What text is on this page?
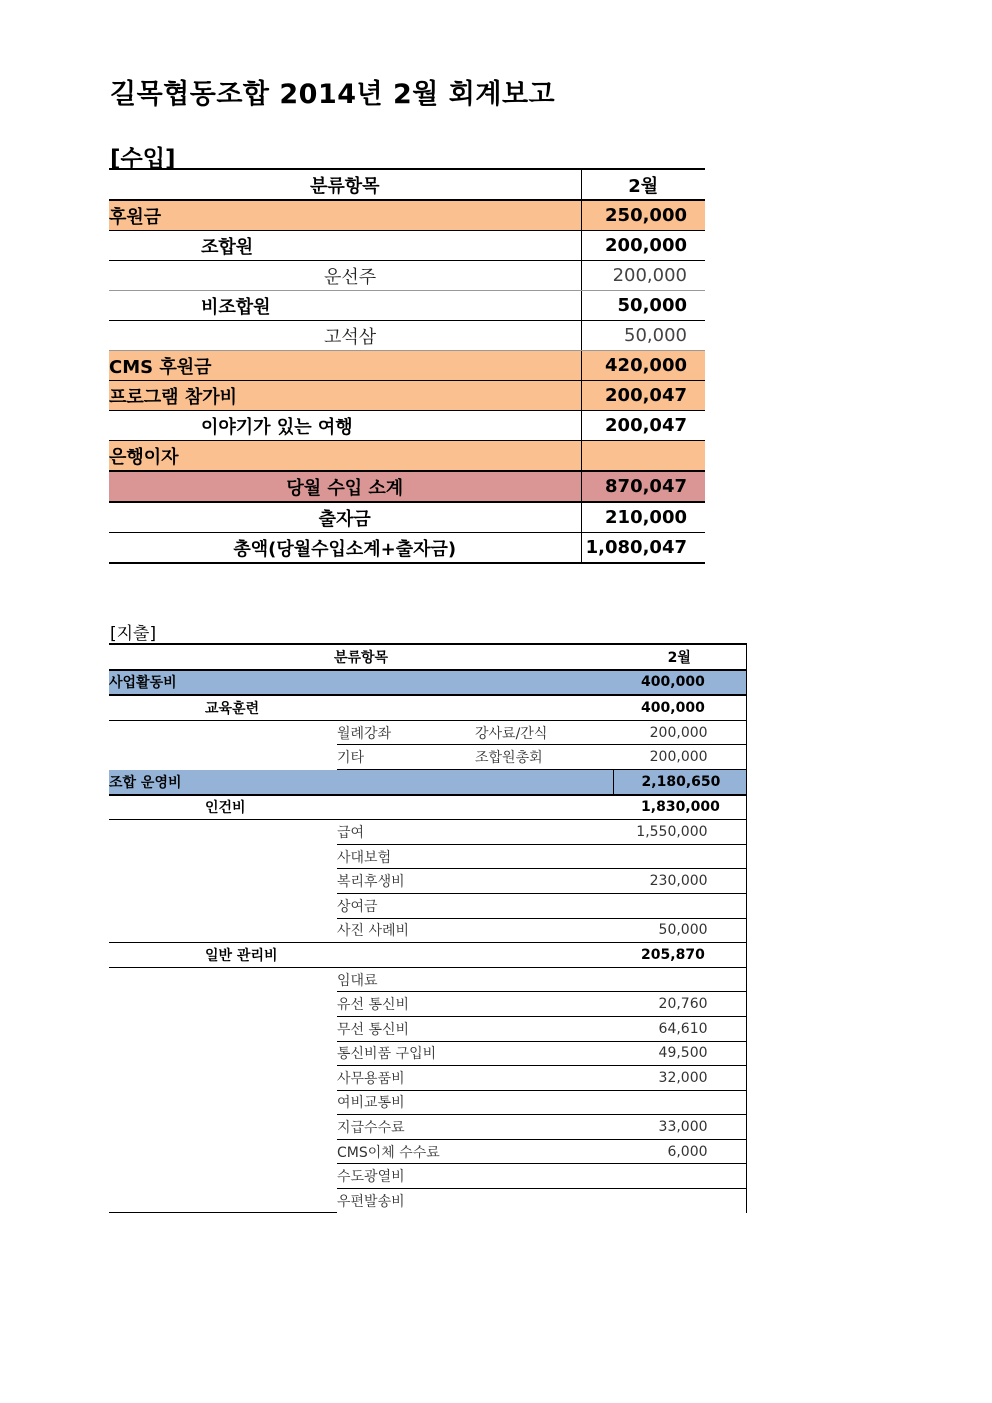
길목협동조합 2014년 2월 회계보고
[수입]
분류항목	2월
후원금	250,000
조합원	200,000
운선주	200,000
비조합원	50,000
고석삼	50,000
CMS 후원금	420,000
프로그램 참가비	200,047
이야기가 있는 여행	200,047
은행이자	
당월 수입 소계	870,047
출자금	210,000
총액(당월수입소계+출자금)	1,080,047
[지출]
분류항목				2월
사업활동비				400,000
	교육훈련			400,000
		월례강좌	강사료/간식	200,000
		기타	조합원총회	200,000
조합 운영비				2,180,650
	인건비			1,830,000
		급여		1,550,000
		사대보험		
		복리후생비		230,000
		상여금		
		사진 사례비		50,000
	일반 관리비			205,870
		임대료		
		유선 통신비		20,760
		무선 통신비		64,610
		통신비품 구입비		49,500
		사무용품비		32,000
		여비교통비		
		지급수수료		33,000
		CMS이체 수수료		6,000
		수도광열비		
		우편발송비		
